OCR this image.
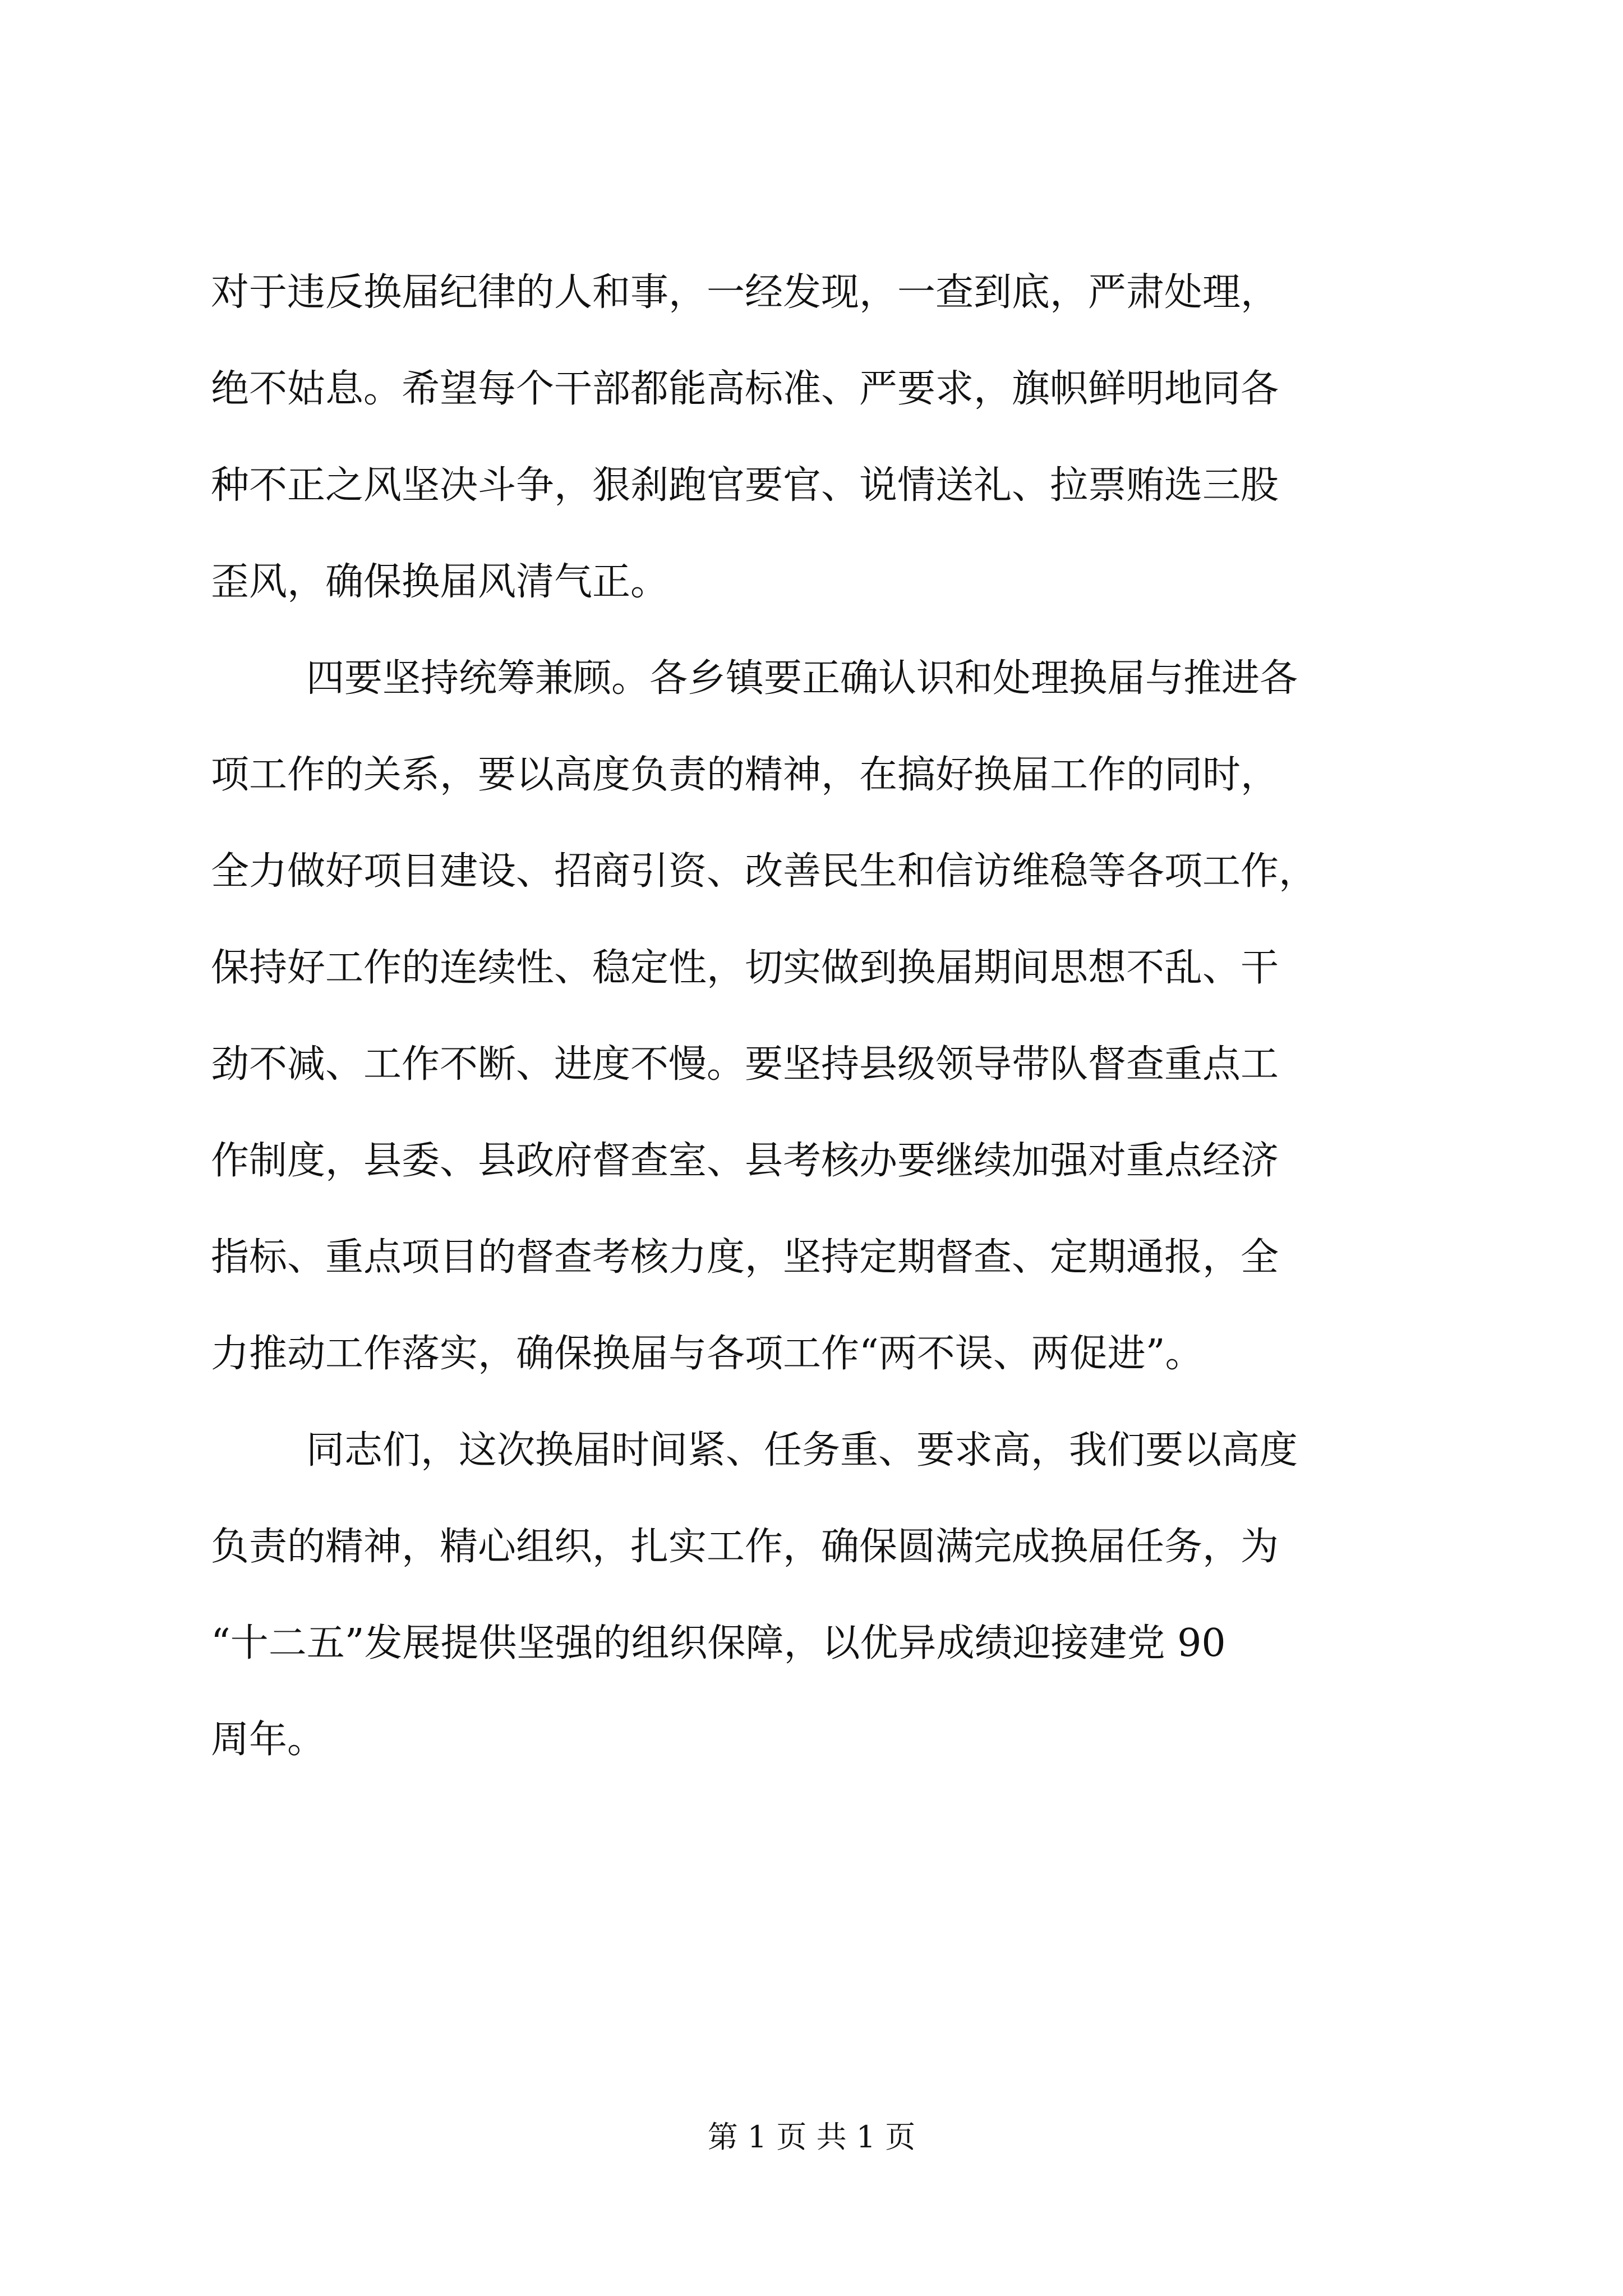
对于违反换届纪律的人和事，一经发现，一查到底，严肃处理，
绝不姑息。希望每个干部都能高标准、严要求，旗帜鲜明地同各
种不正之风坚决斗争，狠刹跑官要官、说情送礼、拉票贿选三股
歪风，确保换届风清气正。
四要坚持统筹兼顾。各乡镇要正确认识和处理换届与推进各
项工作的关系，要以高度负责的精神，在搞好换届工作的同时，
全力做好项目建设、招商引资、改善民生和信访维稳等各项工作，
保持好工作的连续性、稳定性，切实做到换届期间思想不乱、干
劲不减、工作不断、进度不慢。要坚持县级领导带队督查重点工
作制度，县委、县政府督查室、县考核办要继续加强对重点经济
指标、重点项目的督查考核力度，坚持定期督查、定期通报，全
力推动工作落实，确保换届与各项工作“两不误、两促进”。
同志们，这次换届时间紧、任务重、要求高，我们要以高度
负责的精神，精心组织，扎实工作，确保圆满完成换届任务，为
“十二五”发展提供坚强的组织保障，以优异成绩迎接建党 90
周年。
第 1 页 共 1 页
